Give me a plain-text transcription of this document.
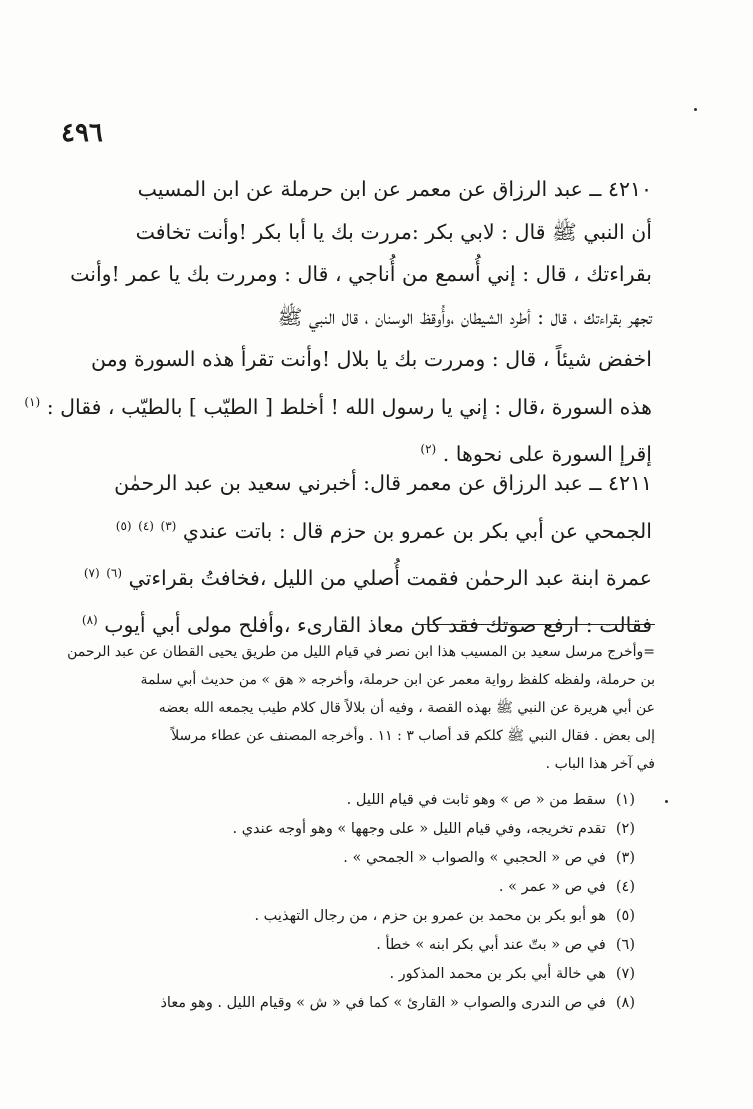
٤٩٦
٤٢١٠ ــ عبد الرزاق عن معمر عن ابن حرملة عن ابن المسيب
أن النبي ﷺ قال : لابي بكر :مررت بك يا أبا بكر !وأنت تخافت
بقراءتك ، قال : إني أُسمع من أُناجي ، قال : ومررت بك يا عمر !وأنت
تجهر بقراءتك ، قال : أطرد الشيطان ،وأُوقظ الوسنان ، قال النبي ﷺ
اخفض شيئاً ، قال : ومررت بك يا بلال !وأنت تقرأ هذه السورة ومن
هذه السورة ،قال : إني يا رسول الله ! أخلط [ الطيّب ] بالطيّب ، فقال : $^{(١)}$
إقرإ السورة على نحوها . $^{(٢)}$
٤٢١١ ــ عبد الرزاق عن معمر قال: أخبرني سعيد بن عبد الرحمٰن
الجمحي عن أبي بكر بن عمرو بن حزم قال : باتت عندي $^{(٣)}$ $^{(٤)}$ $^{(٥)}$
عمرة ابنة عبد الرحمٰن فقمت أُصلي من الليل ،فخافتُ بقراءتي $^{(٦)}$ $^{(٧)}$
فقالت : ارفع صوتك فقد كان معاذ القارىء ،وأفلح مولى أبي أيوب $^{(٨)}$
=وأخرج مرسل سعيد بن المسيب هذا ابن نصر في قيام الليل من طريق يحيى القطان عن عبد الرحمن
بن حرملة، ولفظه كلفظ رواية معمر عن ابن حرملة، وأخرجه « هق » من حديث أبي سلمة
عن أبي هريرة عن النبي ﷺ بهذه القصة ، وفيه أن بلالاً قال كلام طيب يجمعه الله بعضه
إلى بعض . فقال النبي ﷺ كلكم قد أصاب ٣ : ١١ . وأخرجه المصنف عن عطاء مرسلاً
في آخر هذا الباب .
(١)سقط من « ص » وهو ثابت في قيام الليل .
(٢)تقدم تخريجه، وفي قيام الليل « على وجهها » وهو أوجه عندي .
(٣)في ص « الحجبي » والصواب « الجمحي » .
(٤)في ص « عمر » .
(٥)هو أبو بكر بن محمد بن عمرو بن حزم ، من رجال التهذيب .
(٦)في ص « بتّ عند أبي بكر ابنه » خطأ .
(٧)هي خالة أبي بكر بن محمد المذكور .
(٨)في ص الندرى والصواب « القارئ » كما في « ش » وقيام الليل . وهو معاذ
